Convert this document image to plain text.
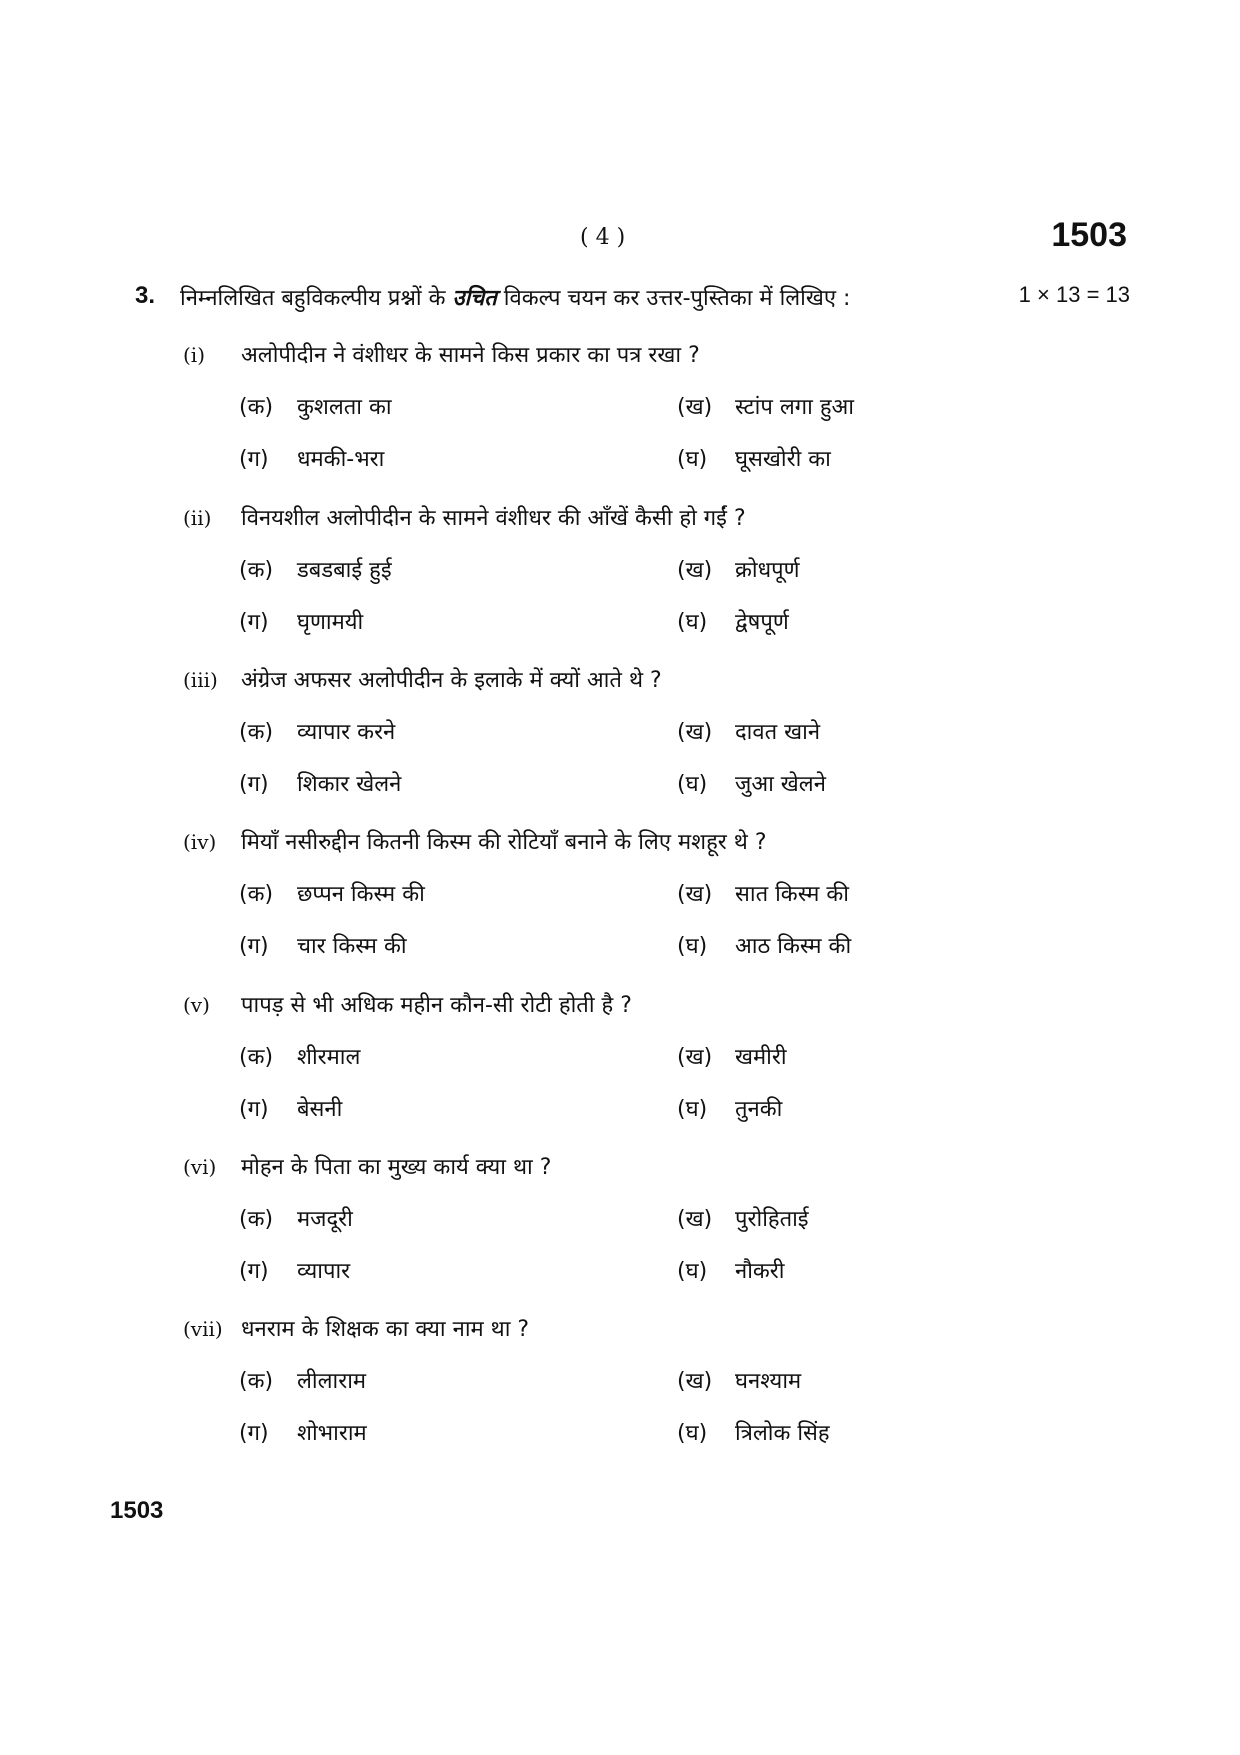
( 4 )	1503
3. निम्नलिखित बहुविकल्पीय प्रश्नों के उचित विकल्प चयन कर उत्तर-पुस्तिका में लिखिए :	1 × 13 = 13
(i) अलोपीदीन ने वंशीधर के सामने किस प्रकार का पत्र रखा ?
(क) कुशलता का	(ख) स्टांप लगा हुआ
(ग) धमकी-भरा	(घ) घूसखोरी का
(ii) विनयशील अलोपीदीन के सामने वंशीधर की आँखें कैसी हो गईं ?
(क) डबडबाई हुई	(ख) क्रोधपूर्ण
(ग) घृणामयी	(घ) द्वेषपूर्ण
(iii) अंग्रेज अफसर अलोपीदीन के इलाके में क्यों आते थे ?
(क) व्यापार करने	(ख) दावत खाने
(ग) शिकार खेलने	(घ) जुआ खेलने
(iv) मियाँ नसीरुद्दीन कितनी किस्म की रोटियाँ बनाने के लिए मशहूर थे ?
(क) छप्पन किस्म की	(ख) सात किस्म की
(ग) चार किस्म की	(घ) आठ किस्म की
(v) पापड़ से भी अधिक महीन कौन-सी रोटी होती है ?
(क) शीरमाल	(ख) खमीरी
(ग) बेसनी	(घ) तुनकी
(vi) मोहन के पिता का मुख्य कार्य क्या था ?
(क) मजदूरी	(ख) पुरोहिताई
(ग) व्यापार	(घ) नौकरी
(vii) धनराम के शिक्षक का क्या नाम था ?
(क) लीलाराम	(ख) घनश्याम
(ग) शोभाराम	(घ) त्रिलोक सिंह
1503
